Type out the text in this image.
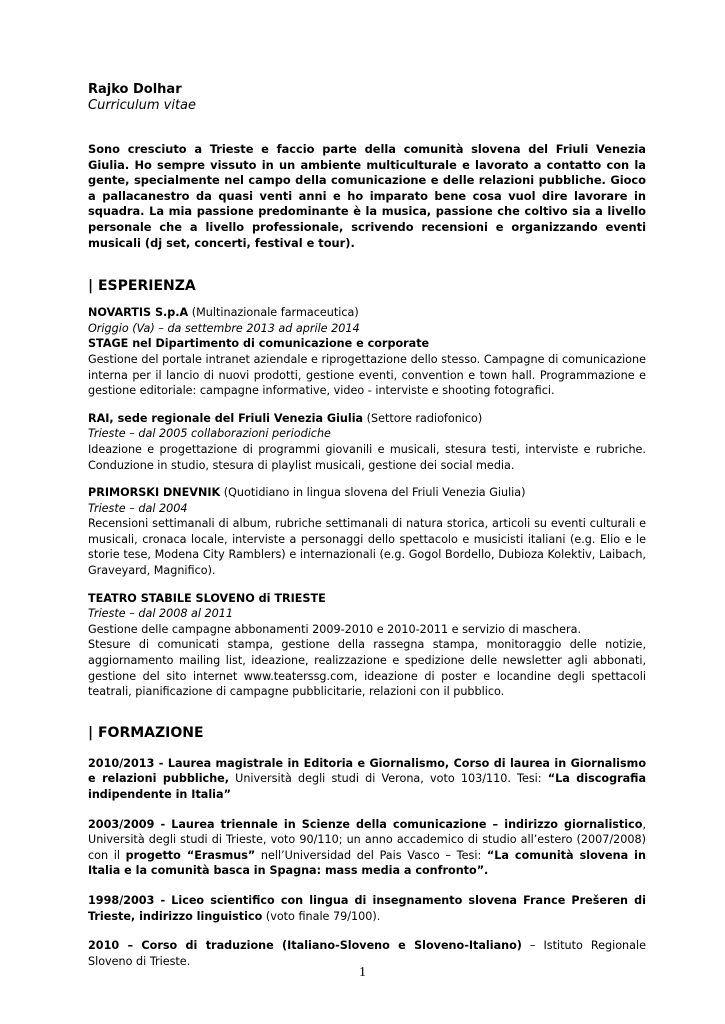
Rajko Dolhar
Curriculum vitae
Sono cresciuto a Trieste e faccio parte della comunità slovena del Friuli Venezia Giulia. Ho sempre vissuto in un ambiente multiculturale e lavorato a contatto con la gente, specialmente nel campo della comunicazione e delle relazioni pubbliche. Gioco a pallacanestro da quasi venti anni e ho imparato bene cosa vuol dire lavorare in squadra. La mia passione predominante è la musica, passione che coltivo sia a livello personale che a livello professionale, scrivendo recensioni e organizzando eventi musicali (dj set, concerti, festival e tour).
| ESPERIENZA
NOVARTIS S.p.A (Multinazionale farmaceutica)
Origgio (Va) – da settembre 2013 ad aprile 2014
STAGE nel Dipartimento di comunicazione e corporate
Gestione del portale intranet aziendale e riprogettazione dello stesso. Campagne di comunicazione interna per il lancio di nuovi prodotti, gestione eventi, convention e town hall. Programmazione e gestione editoriale: campagne informative, video - interviste e shooting fotografici.
RAI, sede regionale del Friuli Venezia Giulia (Settore radiofonico)
Trieste – dal 2005 collaborazioni periodiche
Ideazione e progettazione di programmi giovanili e musicali, stesura testi, interviste e rubriche. Conduzione in studio, stesura di playlist musicali, gestione dei social media.
PRIMORSKI DNEVNIK (Quotidiano in lingua slovena del Friuli Venezia Giulia)
Trieste – dal 2004
Recensioni settimanali di album, rubriche settimanali di natura storica, articoli su eventi culturali e musicali, cronaca locale, interviste a personaggi dello spettacolo e musicisti italiani (e.g. Elio e le storie tese, Modena City Ramblers) e internazionali (e.g. Gogol Bordello, Dubioza Kolektiv, Laibach, Graveyard, Magnifico).
TEATRO STABILE SLOVENO di TRIESTE
Trieste – dal 2008 al 2011
Gestione delle campagne abbonamenti 2009-2010 e 2010-2011 e servizio di maschera.
Stesure di comunicati stampa, gestione della rassegna stampa, monitoraggio delle notizie, aggiornamento mailing list, ideazione, realizzazione e spedizione delle newsletter agli abbonati, gestione del sito internet www.teaterssg.com, ideazione di poster e locandine degli spettacoli teatrali, pianificazione di campagne pubblicitarie, relazioni con il pubblico.
| FORMAZIONE
2010/2013 - Laurea magistrale in Editoria e Giornalismo, Corso di laurea in Giornalismo e relazioni pubbliche, Università degli studi di Verona, voto 103/110. Tesi: “La discografia indipendente in Italia”
2003/2009 - Laurea triennale in Scienze della comunicazione – indirizzo giornalistico, Università degli studi di Trieste, voto 90/110; un anno accademico di studio all’estero (2007/2008) con il progetto “Erasmus” nell’Universidad del Pais Vasco – Tesi: “La comunità slovena in Italia e la comunità basca in Spagna: mass media a confronto”.
1998/2003 - Liceo scientifico con lingua di insegnamento slovena France Prešeren di Trieste, indirizzo linguistico (voto finale 79/100).
2010 – Corso di traduzione (Italiano-Sloveno e Sloveno-Italiano) – Istituto Regionale Sloveno di Trieste.
1
